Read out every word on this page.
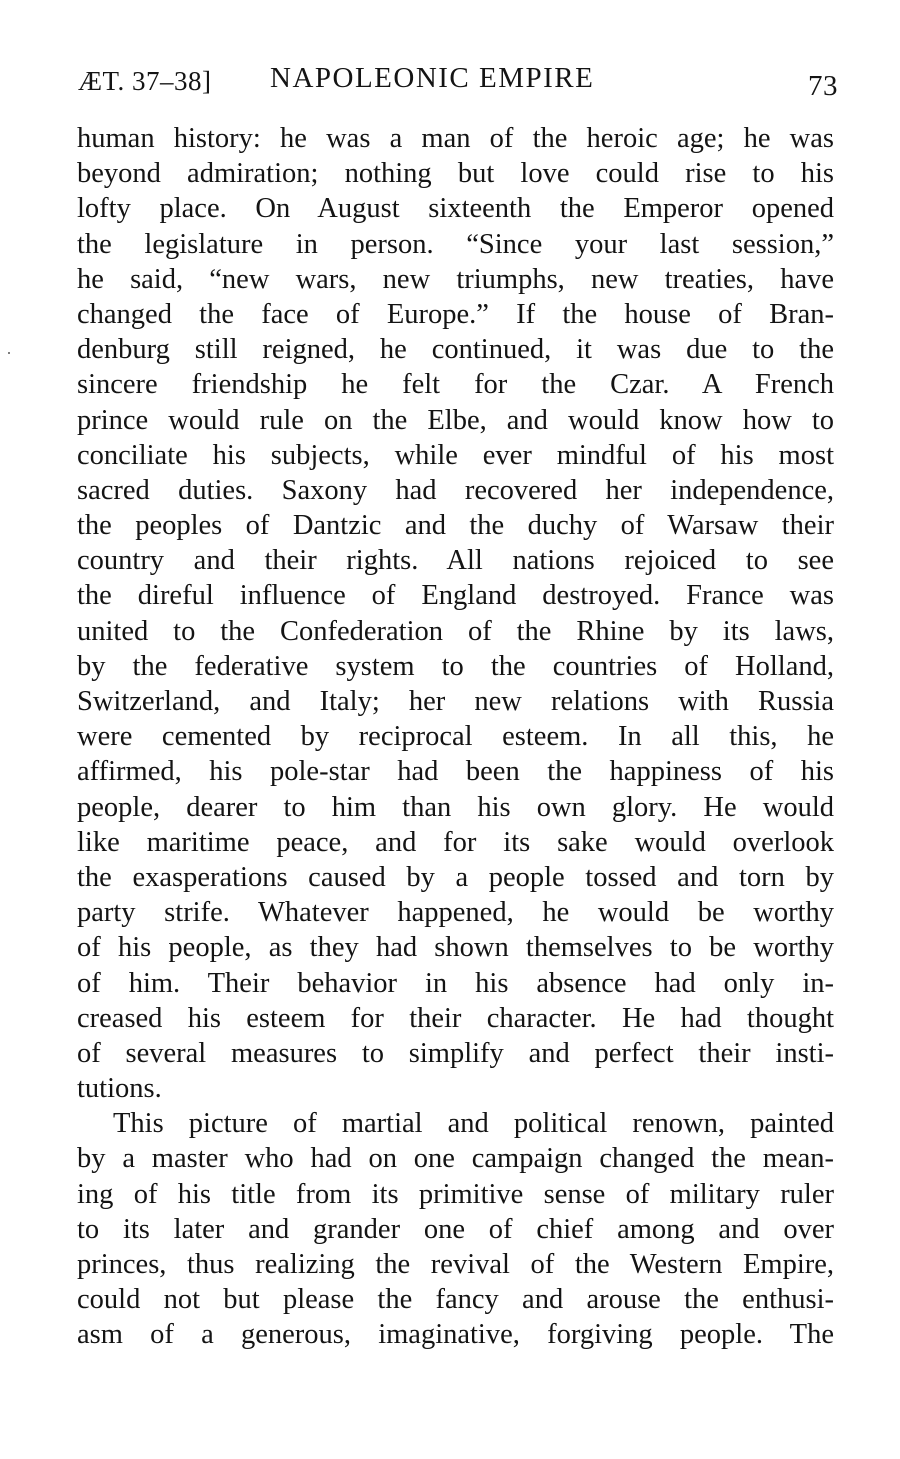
ÆT. 37–38] NAPOLEONIC EMPIRE	73
human history: he was a man of the heroic age; he was
beyond admiration; nothing but love could rise to his
lofty place. On August sixteenth the Emperor opened
the legislature in person. “Since your last session,”
he said, “new wars, new triumphs, new treaties, have
changed the face of Europe.” If the house of Bran-
denburg still reigned, he continued, it was due to the
sincere friendship he felt for the Czar. A French
prince would rule on the Elbe, and would know how to
conciliate his subjects, while ever mindful of his most
sacred duties. Saxony had recovered her independence,
the peoples of Dantzic and the duchy of Warsaw their
country and their rights. All nations rejoiced to see
the direful influence of England destroyed. France was
united to the Confederation of the Rhine by its laws,
by the federative system to the countries of Holland,
Switzerland, and Italy; her new relations with Russia
were cemented by reciprocal esteem. In all this, he
affirmed, his pole-star had been the happiness of his
people, dearer to him than his own glory. He would
like maritime peace, and for its sake would overlook
the exasperations caused by a people tossed and torn by
party strife. Whatever happened, he would be worthy
of his people, as they had shown themselves to be worthy
of him. Their behavior in his absence had only in-
creased his esteem for their character. He had thought
of several measures to simplify and perfect their insti-
tutions.
This picture of martial and political renown, painted
by a master who had on one campaign changed the mean-
ing of his title from its primitive sense of military ruler
to its later and grander one of chief among and over
princes, thus realizing the revival of the Western Empire,
could not but please the fancy and arouse the enthusi-
asm of a generous, imaginative, forgiving people. The
